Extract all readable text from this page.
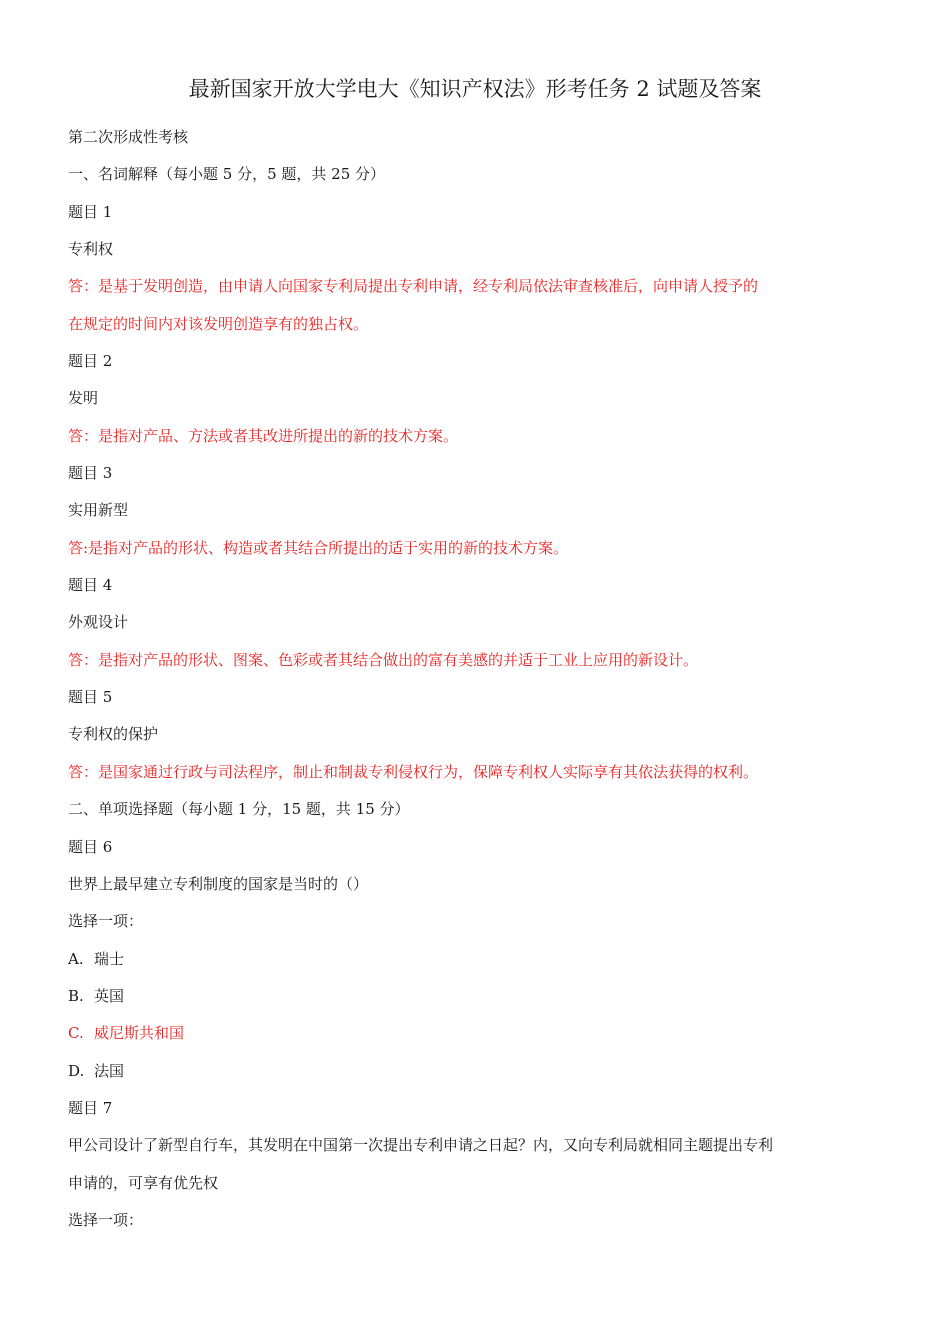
最新国家开放大学电大《知识产权法》形考任务 2 试题及答案
第二次形成性考核
一、名词解释（每小题 5 分，5 题，共 25 分）
题目 1
专利权
答：是基于发明创造，由申请人向国家专利局提出专利申请，经专利局依法审查核准后，向申请人授予的
在规定的时间内对该发明创造享有的独占权。
题目 2
发明
答：是指对产品、方法或者其改进所提出的新的技术方案。
题目 3
实用新型
答:是指对产品的形状、构造或者其结合所提出的适于实用的新的技术方案。
题目 4
外观设计
答：是指对产品的形状、图案、色彩或者其结合做出的富有美感的并适于工业上应用的新设计。
题目 5
专利权的保护
答：是国家通过行政与司法程序，制止和制裁专利侵权行为，保障专利权人实际享有其依法获得的权利。
二、单项选择题（每小题 1 分，15 题，共 15 分）
题目 6
世界上最早建立专利制度的国家是当时的（）
选择一项：
A. 瑞士
B. 英国
C. 威尼斯共和国
D. 法国
题目 7
甲公司设计了新型自行车，其发明在中国第一次提出专利申请之日起？内，又向专利局就相同主题提出专利
申请的，可享有优先权
选择一项：
